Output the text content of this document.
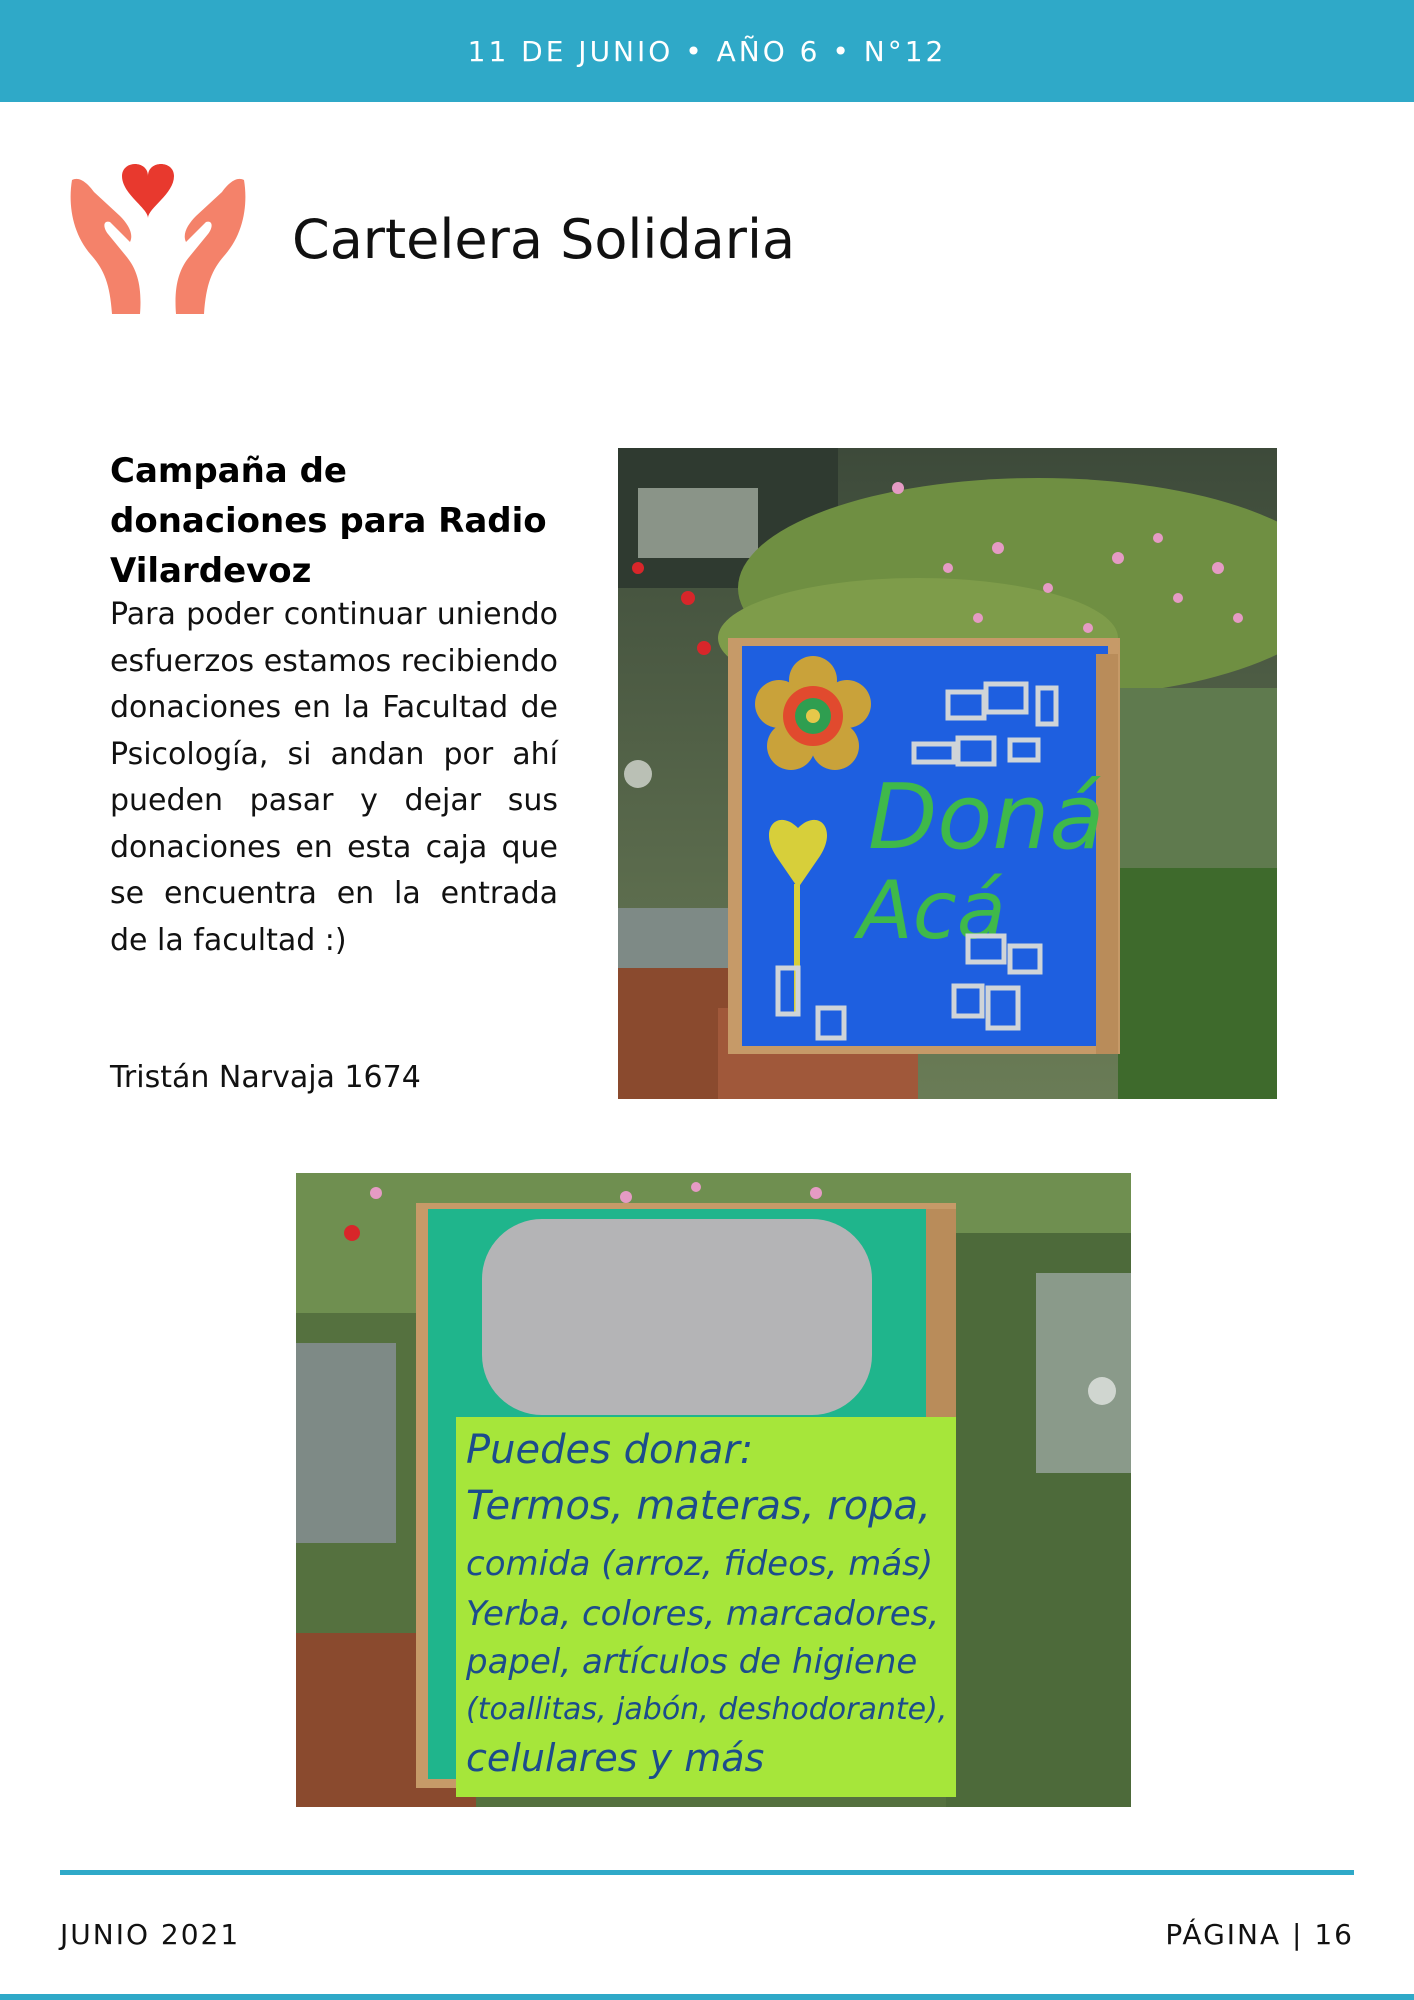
11 DE JUNIO • AÑO 6 • N°12
Cartelera Solidaria
Campaña de donaciones para Radio Vilardevoz

Para poder continuar uniendo esfuerzos estamos recibiendo donaciones en la Facultad de Psicología, si andan por ahí pueden pasar y dejar sus donaciones en esta caja que se encuentra en la entrada de la facultad :)

Tristán Narvaja 1674

Doná
Acá
Puedes donar: Termos, materas, ropa,
comida (arroz, fideos, más) Yerba, colores, marcadores, papel, artículos de higiene
(toallitas, jabón, deshodorante),
celulares y más
JUNIO 2021	PÁGINA | 16
